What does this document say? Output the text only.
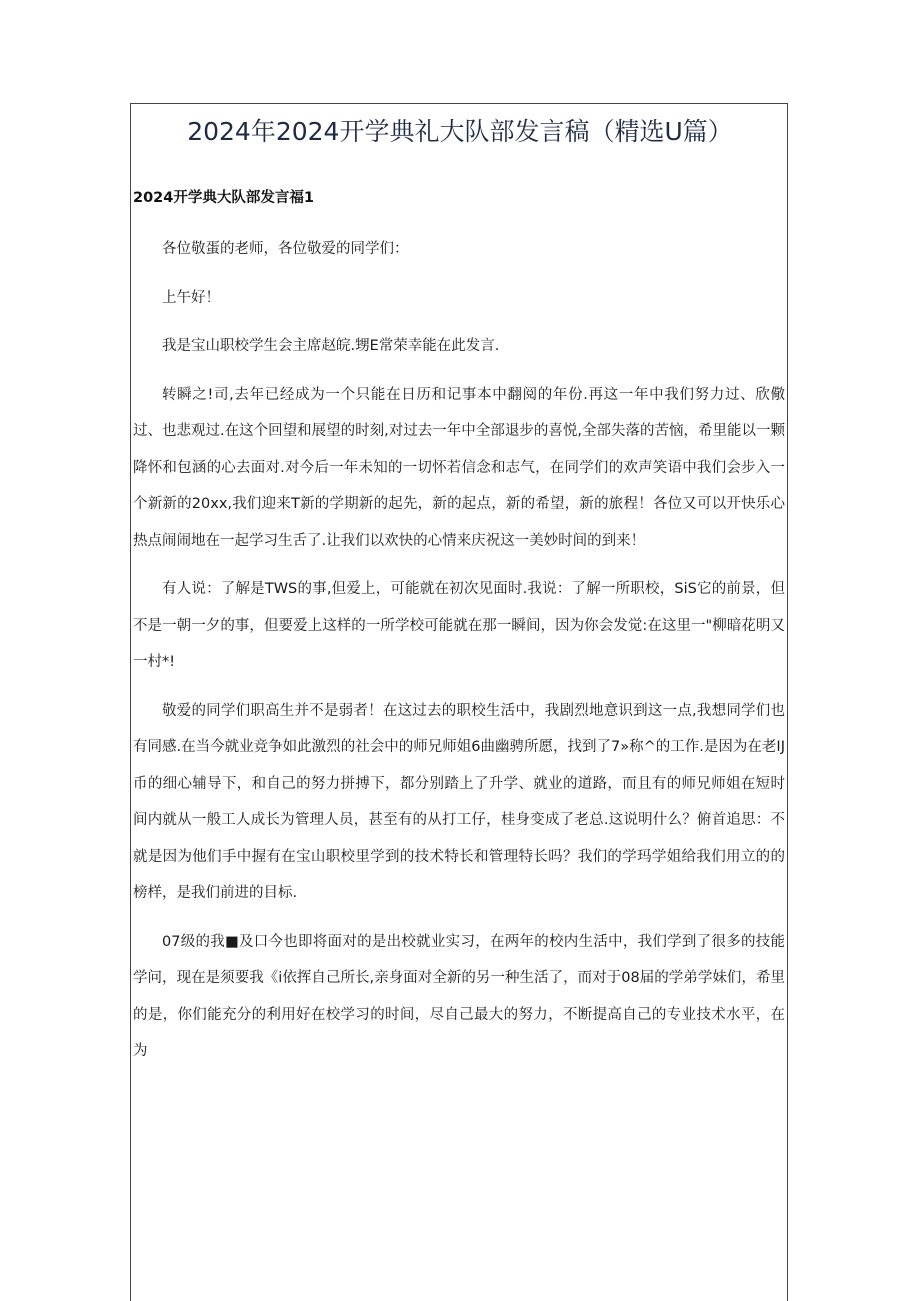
2024年2024开学典礼大队部发言稿（精选U篇）
2024开学典大队部发言福1

各位敬蛋的老师，各位敬爱的同学们：

上午好！

我是宝山职校学生会主席赵皖.甥E常荣幸能在此发言.

转瞬之!司,去年已经成为一个只能在日历和记事本中翻阅的年份.再这一年中我们努力过、欣儆过、也悲观过.在这个回望和展望的时刻,对过去一年中全部退步的喜悦,全部失落的苦恼，希里能以一颗降怀和包涵的心去面对.对今后一年未知的一切怀若信念和志气，在同学们的欢声笑语中我们会步入一个新新的20xx,我们迎来T新的学期新的起先，新的起点，新的希望，新的旅程！各位又可以开快乐心热点闹闹地在一起学习生舌了.让我们以欢快的心情来庆祝这一美妙时间的到来！

有人说：了解是TWS的事,但爱上，可能就在初次见面时.我说：了解一所职校，SiS它的前景，但不是一朝一夕的事，但要爱上这样的一所学校可能就在那一瞬间，因为你会发觉:在这里一"柳暗花明又一村*!

敬爱的同学们职高生并不是弱者！在这过去的职校生活中，我剧烈地意识到这一点,我想同学们也有同感.在当今就业竞争如此激烈的社会中的师兄师姐6曲幽骋所愿，找到了7»称^的工作.是因为在老IJ币的细心辅导下，和自己的努力拼搏下，都分别踏上了升学、就业的道路，而且有的师兄师姐在短时间内就从一般工人成长为管理人员，甚至有的从打工仔，桂身变成了老总.这说明什么？俯首追思：不就是因为他们手中握有在宝山职校里学到的技术特长和管理特长吗？我们的学玛学姐给我们用立的的榜样，是我们前进的目标.

07级的我■及口今也即将面对的是出校就业实习，在两年的校内生活中，我们学到了很多的技能学问，现在是须要我《i依挥自己所长,亲身面对全新的另一种生活了，而对于08届的学弟学妹们，希里的是，你们能充分的利用好在校学习的时间，尽自己最大的努力，不断提高自己的专业技术水平，在为
